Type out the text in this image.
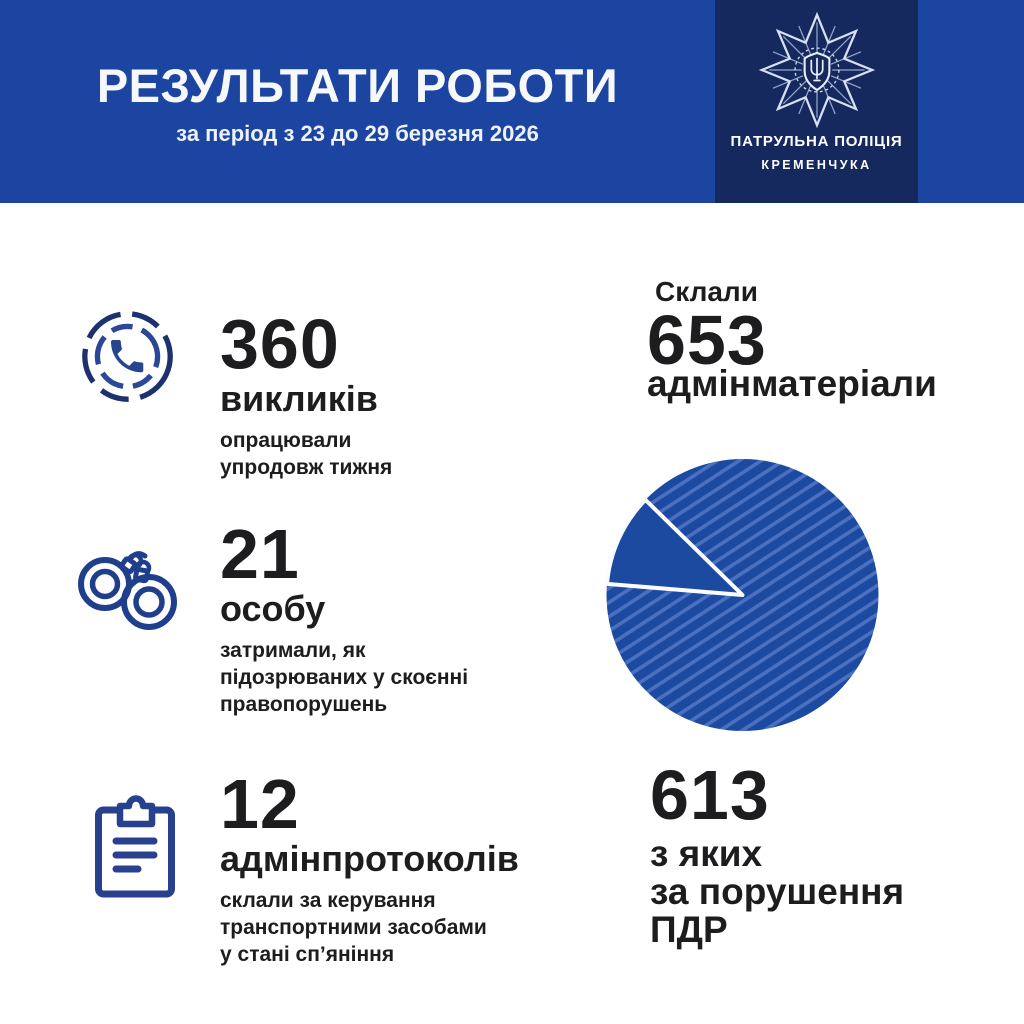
РЕЗУЛЬТАТИ РОБОТИ
за період з 23 до 29 березня 2026	ПАТРУЛЬНА ПОЛІЦІЯ
КРЕМЕНЧУКА
360
викликів
опрацювали
упродовж тижня
21
особу
затримали, як
підозрюваних у скоєнні
правопорушень
12
адмінпротоколів
склали за керування
транспортними засобами
у стані сп’яніння
Склали
653
адмінматеріали
613
з яких
за порушення
ПДР
